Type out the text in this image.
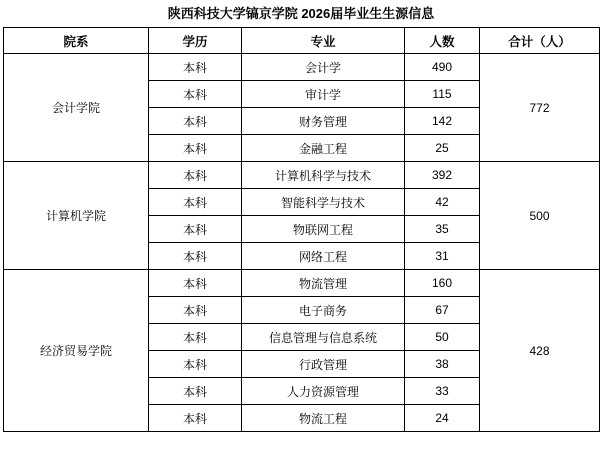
陕西科技大学镐京学院 2026届毕业生生源信息
院系	学历	专业	人数	合计（人）
会计学院	本科	会计学	490	772
	本科	审计学	115	
	本科	财务管理	142	
	本科	金融工程	25	
计算机学院	本科	计算机科学与技术	392	500
	本科	智能科学与技术	42	
	本科	物联网工程	35	
	本科	网络工程	31	
经济贸易学院	本科	物流管理	160	428
	本科	电子商务	67	
	本科	信息管理与信息系统	50	
	本科	行政管理	38	
	本科	人力资源管理	33	
	本科	物流工程	24	
